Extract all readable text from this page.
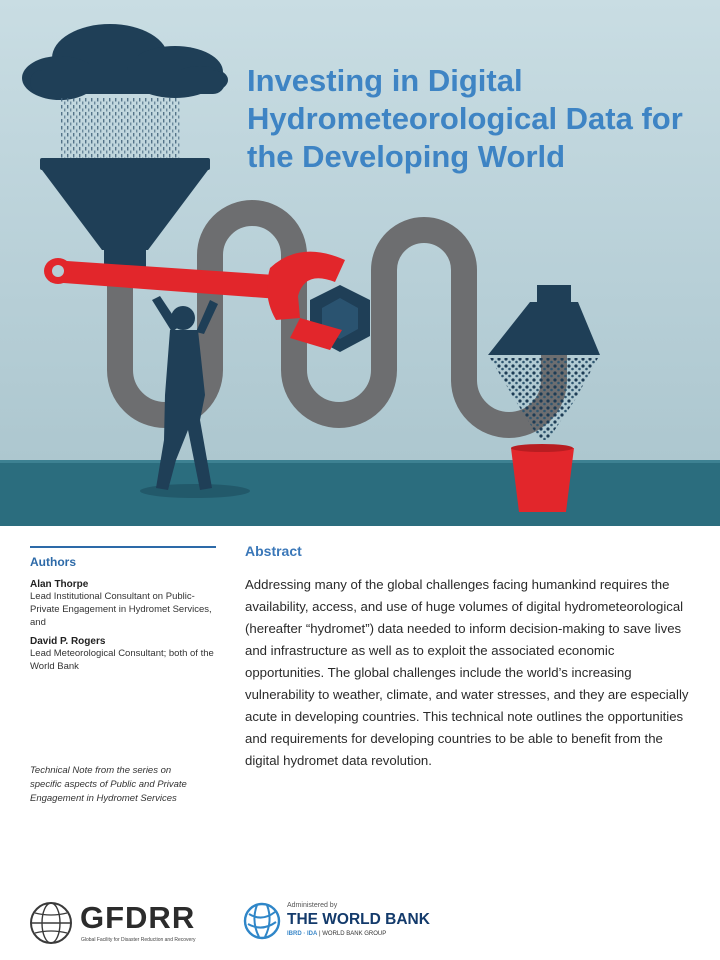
Investing in Digital Hydrometeorological Data for the Developing World
Authors
Alan Thorpe
Lead Institutional Consultant on Public-Private Engagement in Hydromet Services, and
David P. Rogers
Lead Meteorological Consultant; both of the World Bank
Technical Note from the series on specific aspects of Public and Private Engagement in Hydromet Services
Abstract

Addressing many of the global challenges facing humankind requires the availability, access, and use of huge volumes of digital hydrometeorological (hereafter “hydromet”) data needed to inform decision-making to save lives and infrastructure as well as to exploit the associated economic opportunities. The global challenges include the world’s increasing vulnerability to weather, climate, and water stresses, and they are especially acute in developing countries. This technical note outlines the opportunities and requirements for developing countries to be able to benefit from the digital hydromet data revolution.

GFDRR
Global Facility for Disaster Reduction and Recovery
Administered by
THE WORLD BANK
IBRD · IDA | WORLD BANK GROUP
